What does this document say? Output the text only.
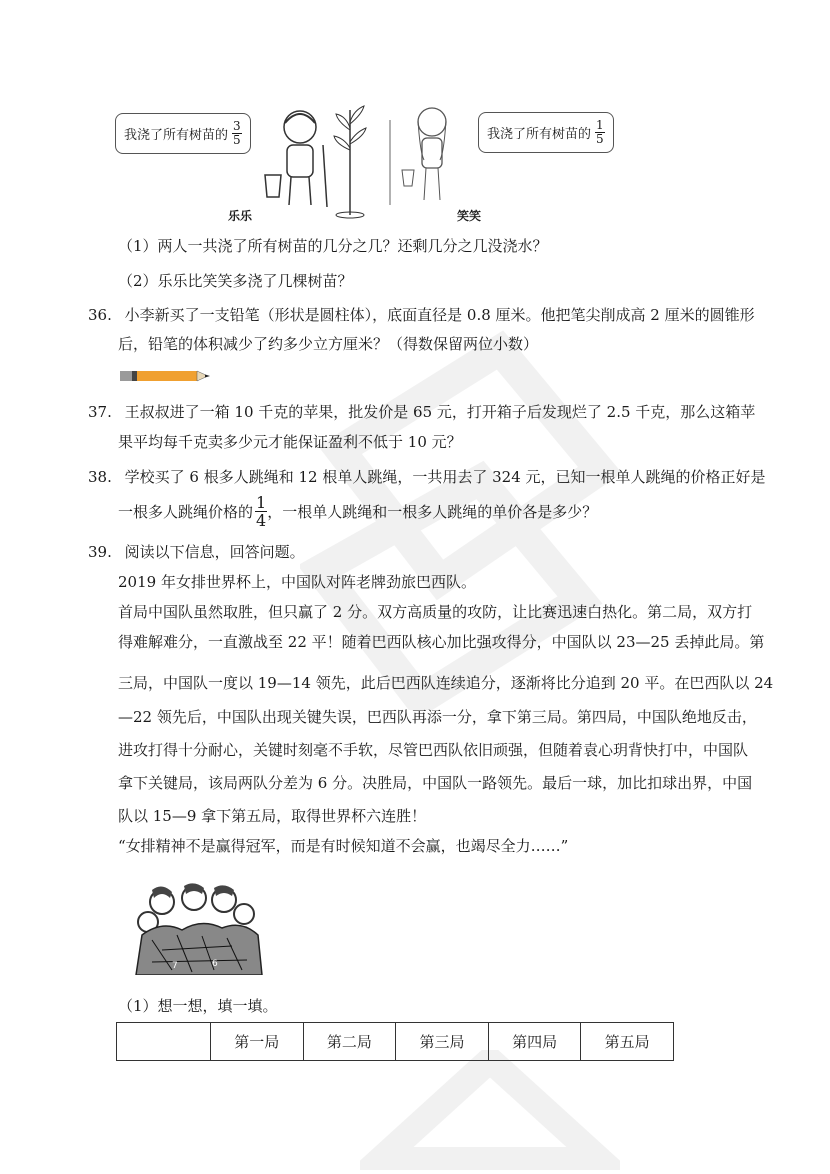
我浇了所有树苗的 $\frac{3}{5}$	我浇了所有树苗的 $\frac{1}{5}$
乐乐	笑笑
（1）两人一共浇了所有树苗的几分之几？还剩几分之几没浇水？
（2）乐乐比笑笑多浇了几棵树苗？
36. 小李新买了一支铅笔（形状是圆柱体），底面直径是 0.8 厘米。他把笔尖削成高 2 厘米的圆锥形
后，铅笔的体积减少了约多少立方厘米？（得数保留两位小数）
37. 王叔叔进了一箱 10 千克的苹果，批发价是 65 元，打开箱子后发现烂了 2.5 千克，那么这箱苹
果平均每千克卖多少元才能保证盈利不低于 10 元？
38. 学校买了 6 根多人跳绳和 12 根单人跳绳，一共用去了 324 元，已知一根单人跳绳的价格正好是
一根多人跳绳价格的 $\frac{1}{4}$ ，一根单人跳绳和一根多人跳绳的单价各是多少？
39. 阅读以下信息，回答问题。
2019 年女排世界杯上，中国队对阵老牌劲旅巴西队。
首局中国队虽然取胜，但只赢了 2 分。双方高质量的攻防，让比赛迅速白热化。第二局，双方打
得难解难分，一直激战至 22 平！随着巴西队核心加比强攻得分，中国队以 23—25 丢掉此局。第
三局，中国队一度以 19—14 领先，此后巴西队连续追分，逐渐将比分追到 20 平。在巴西队以 24
—22 领先后，中国队出现关键失误，巴西队再添一分，拿下第三局。第四局，中国队绝地反击，
进攻打得十分耐心，关键时刻毫不手软，尽管巴西队依旧顽强，但随着袁心玥背快打中，中国队
拿下关键局，该局两队分差为 6 分。决胜局，中国队一路领先。最后一球，加比扣球出界，中国
队以 15—9 拿下第五局，取得世界杯六连胜！
“女排精神不是赢得冠军，而是有时候知道不会赢，也竭尽全力……”
7	6
（1）想一想，填一填。
	第一局	第二局	第三局	第四局	第五局
